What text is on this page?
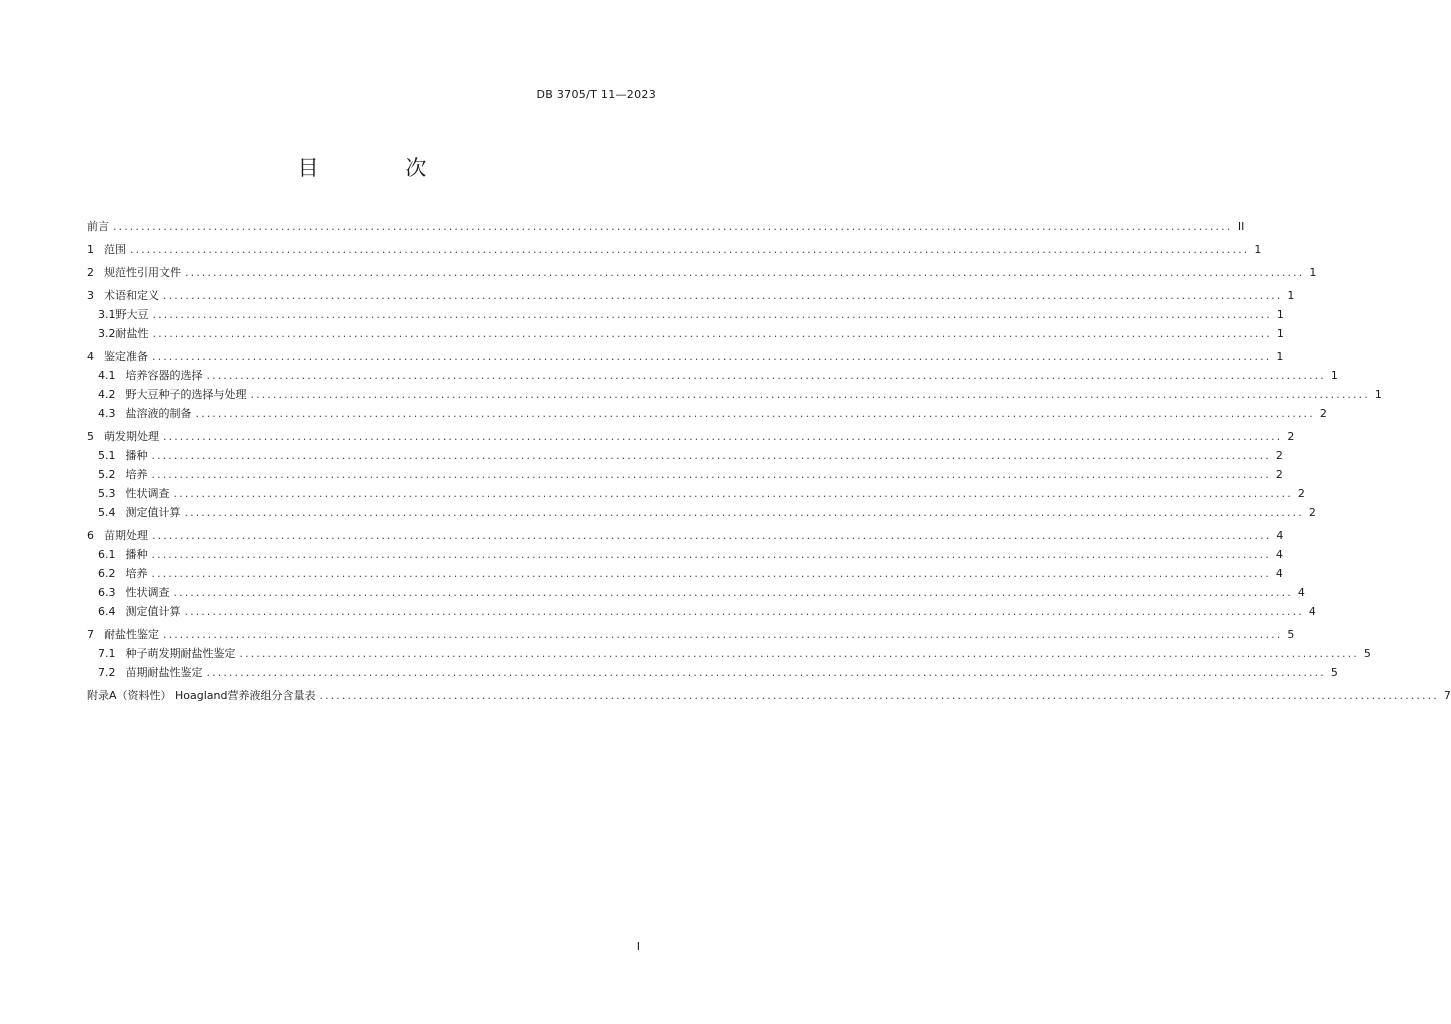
DB 3705/T 11—2023
目 次
前言 ........................................................................................................................................................................................................ II
1 范围 ........................................................................................................................................................................................................ 1
2 规范性引用文件 ........................................................................................................................................................................................................ 1
3 术语和定义 ........................................................................................................................................................................................................ 1
3.1 野大豆 ........................................................................................................................................................................................................ 1
3.2 耐盐性 ........................................................................................................................................................................................................ 1
4 鉴定准备 ........................................................................................................................................................................................................ 1
4.1 培养容器的选择 ........................................................................................................................................................................................................ 1
4.2 野大豆种子的选择与处理 ........................................................................................................................................................................................................ 1
4.3 盐溶液的制备 ........................................................................................................................................................................................................ 2
5 萌发期处理 ........................................................................................................................................................................................................ 2
5.1 播种 ........................................................................................................................................................................................................ 2
5.2 培养 ........................................................................................................................................................................................................ 2
5.3 性状调查 ........................................................................................................................................................................................................ 2
5.4 测定值计算 ........................................................................................................................................................................................................ 2
6 苗期处理 ........................................................................................................................................................................................................ 4
6.1 播种 ........................................................................................................................................................................................................ 4
6.2 培养 ........................................................................................................................................................................................................ 4
6.3 性状调查 ........................................................................................................................................................................................................ 4
6.4 测定值计算 ........................................................................................................................................................................................................ 4
7 耐盐性鉴定 ........................................................................................................................................................................................................ 5
7.1 种子萌发期耐盐性鉴定 ........................................................................................................................................................................................................ 5
7.2 苗期耐盐性鉴定 ........................................................................................................................................................................................................ 5
附录A（资料性） Hoagland营养液组分含量表 ........................................................................................................................................................................................................ 7
I
